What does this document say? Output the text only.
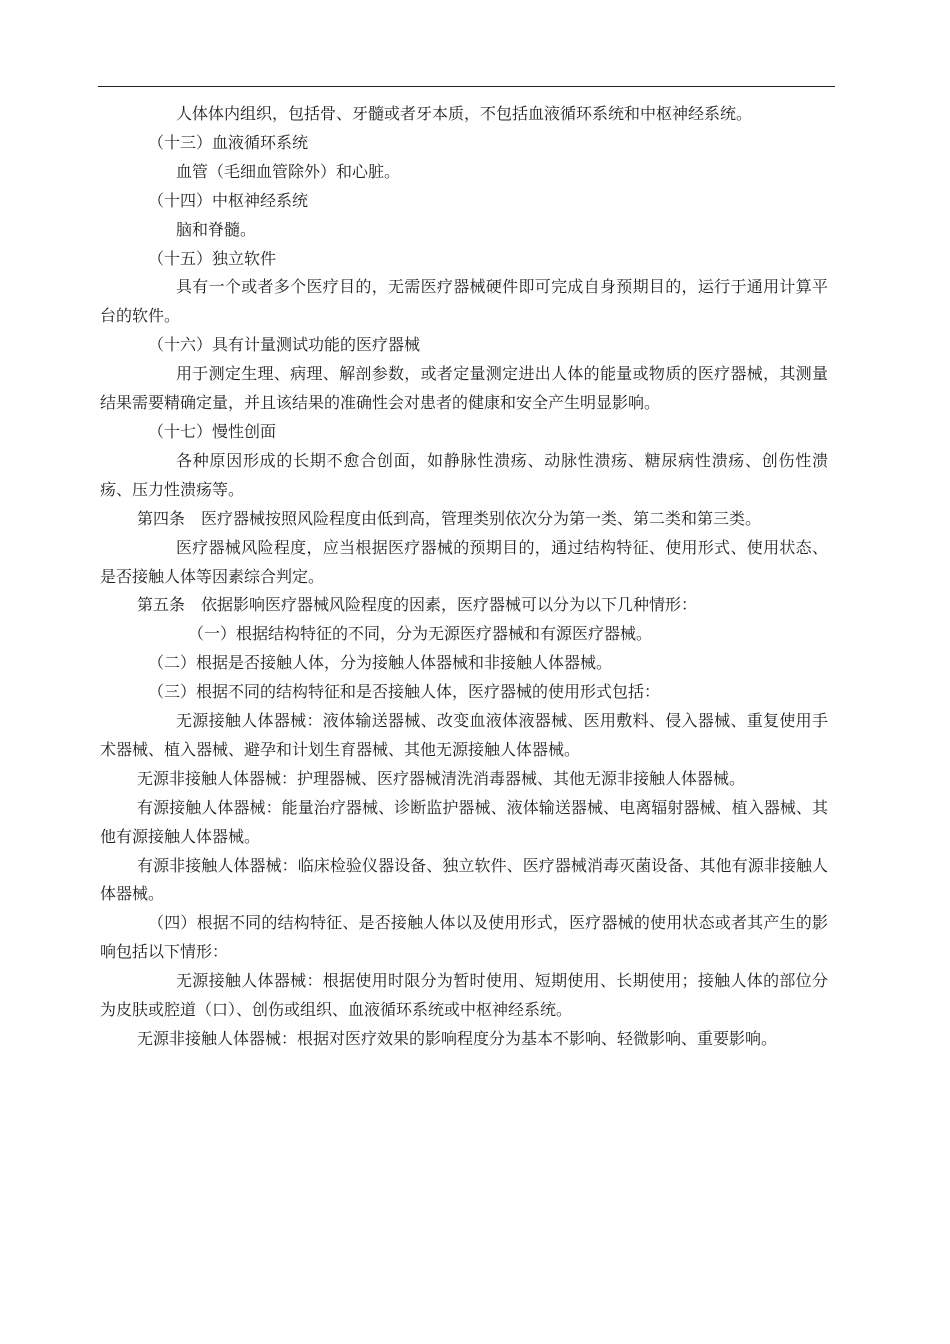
人体体内组织，包括骨、牙髓或者牙本质，不包括血液循环系统和中枢神经系统。

（十三）血液循环系统

血管（毛细血管除外）和心脏。

（十四）中枢神经系统

脑和脊髓。

（十五）独立软件

具有一个或者多个医疗目的，无需医疗器械硬件即可完成自身预期目的，运行于通用计算平台的软件。

（十六）具有计量测试功能的医疗器械

用于测定生理、病理、解剖参数，或者定量测定进出人体的能量或物质的医疗器械，其测量结果需要精确定量，并且该结果的准确性会对患者的健康和安全产生明显影响。

（十七）慢性创面

各种原因形成的长期不愈合创面，如静脉性溃疡、动脉性溃疡、糖尿病性溃疡、创伤性溃疡、压力性溃疡等。

第四条　医疗器械按照风险程度由低到高，管理类别依次分为第一类、第二类和第三类。

医疗器械风险程度，应当根据医疗器械的预期目的，通过结构特征、使用形式、使用状态、是否接触人体等因素综合判定。

第五条　依据影响医疗器械风险程度的因素，医疗器械可以分为以下几种情形：

（一）根据结构特征的不同，分为无源医疗器械和有源医疗器械。

（二）根据是否接触人体，分为接触人体器械和非接触人体器械。

（三）根据不同的结构特征和是否接触人体，医疗器械的使用形式包括：

无源接触人体器械：液体输送器械、改变血液体液器械、医用敷料、侵入器械、重复使用手术器械、植入器械、避孕和计划生育器械、其他无源接触人体器械。

无源非接触人体器械：护理器械、医疗器械清洗消毒器械、其他无源非接触人体器械。

有源接触人体器械：能量治疗器械、诊断监护器械、液体输送器械、电离辐射器械、植入器械、其他有源接触人体器械。

有源非接触人体器械：临床检验仪器设备、独立软件、医疗器械消毒灭菌设备、其他有源非接触人体器械。

（四）根据不同的结构特征、是否接触人体以及使用形式，医疗器械的使用状态或者其产生的影响包括以下情形：

无源接触人体器械：根据使用时限分为暂时使用、短期使用、长期使用；接触人体的部位分为皮肤或腔道（口）、创伤或组织、血液循环系统或中枢神经系统。

无源非接触人体器械：根据对医疗效果的影响程度分为基本不影响、轻微影响、重要影响。
